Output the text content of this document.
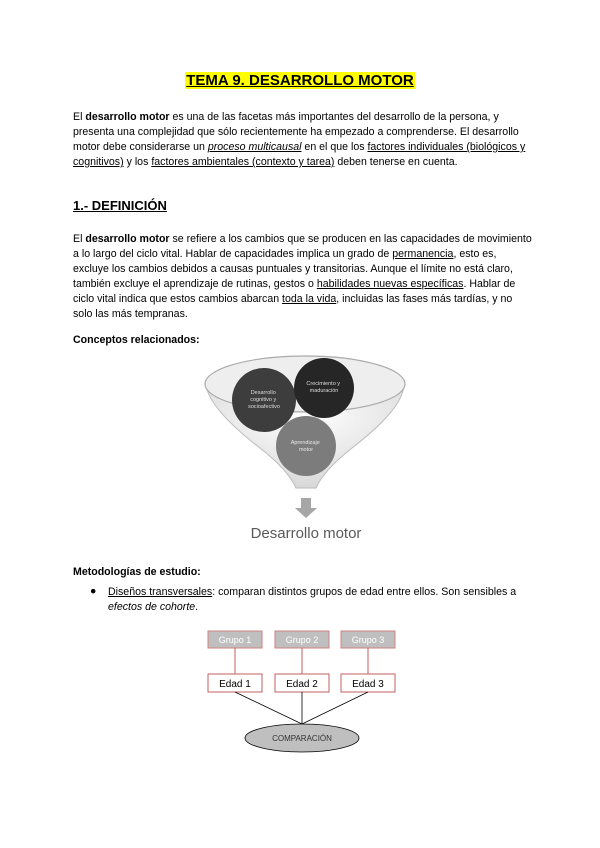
TEMA 9. DESARROLLO MOTOR
El desarrollo motor es una de las facetas más importantes del desarrollo de la persona, y presenta una complejidad que sólo recientemente ha empezado a comprenderse. El desarrollo motor debe considerarse un proceso multicausal en el que los factores individuales (biológicos y cognitivos) y los factores ambientales (contexto y tarea) deben tenerse en cuenta.
1.- DEFINICIÓN
El desarrollo motor se refiere a los cambios que se producen en las capacidades de movimiento a lo largo del ciclo vital. Hablar de capacidades implica un grado de permanencia, esto es, excluye los cambios debidos a causas puntuales y transitorias. Aunque el límite no está claro, también excluye el aprendizaje de rutinas, gestos o habilidades nuevas específicas. Hablar de ciclo vital indica que estos cambios abarcan toda la vida, incluidas las fases más tardías, y no solo las más tempranas.
Conceptos relacionados:
Desarrollo cognitivo y socioafectivo
Crecimiento y maduración
Aprendizaje motor
Desarrollo motor
Metodologías de estudio:
●	Diseños transversales: comparan distintos grupos de edad entre ellos. Son sensibles a efectos de cohorte.
Grupo 1	Grupo 2	Grupo 3
Edad 1	Edad 2	Edad 3
COMPARACIÓN
